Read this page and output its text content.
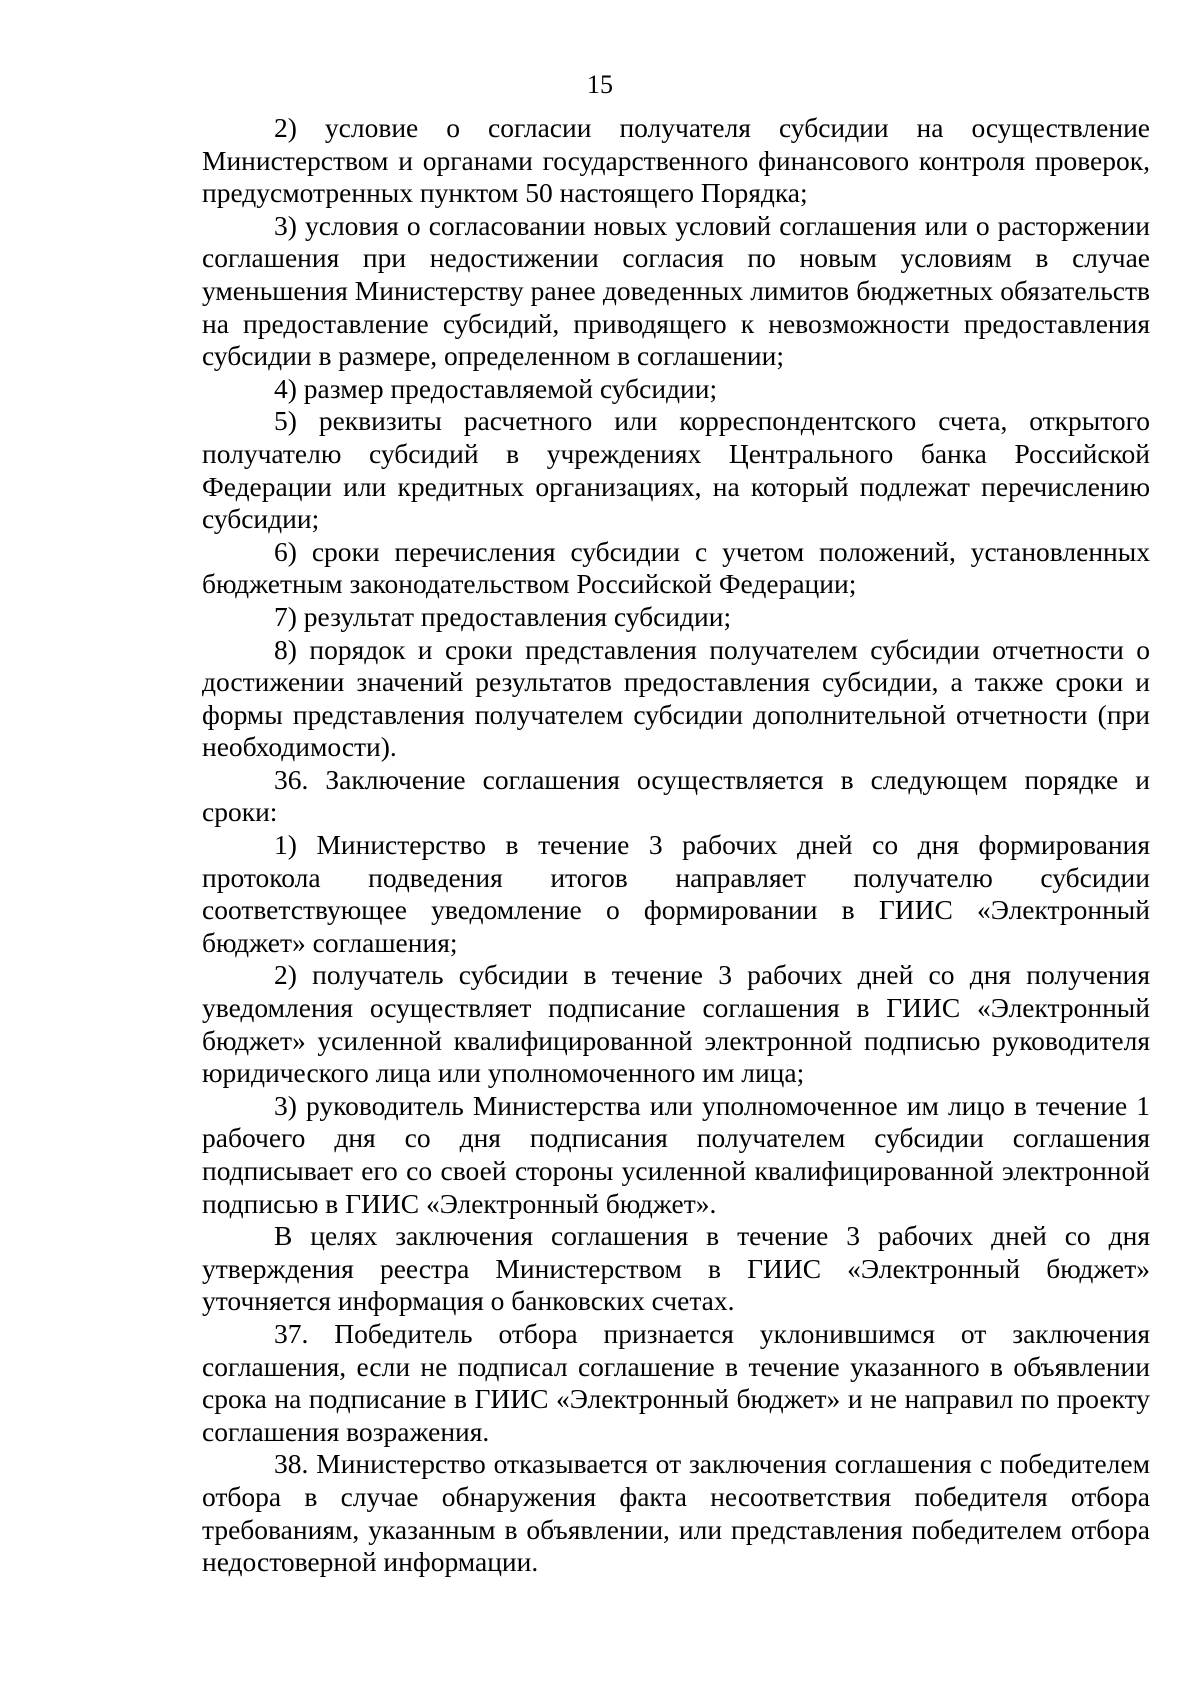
15

2) условие о согласии получателя субсидии на осуществление Министерством и органами государственного финансового контроля проверок, предусмотренных пунктом 50 настоящего Порядка;

3) условия о согласовании новых условий соглашения или о расторжении соглашения при недостижении согласия по новым условиям в случае уменьшения Министерству ранее доведенных лимитов бюджетных обязательств на предоставление субсидий, приводящего к невозможности предоставления субсидии в размере, определенном в соглашении;

4) размер предоставляемой субсидии;

5) реквизиты расчетного или корреспондентского счета, открытого получателю субсидий в учреждениях Центрального банка Российской Федерации или кредитных организациях, на который подлежат перечислению субсидии;

6) сроки перечисления субсидии с учетом положений, установленных бюджетным законодательством Российской Федерации;

7) результат предоставления субсидии;

8) порядок и сроки представления получателем субсидии отчетности о достижении значений результатов предоставления субсидии, а также сроки и формы представления получателем субсидии дополнительной отчетности (при необходимости).

36. Заключение соглашения осуществляется в следующем порядке и сроки:

1) Министерство в течение 3 рабочих дней со дня формирования протокола подведения итогов направляет получателю субсидии соответствующее уведомление о формировании в ГИИС «Электронный бюджет» соглашения;

2) получатель субсидии в течение 3 рабочих дней со дня получения уведомления осуществляет подписание соглашения в ГИИС «Электронный бюджет» усиленной квалифицированной электронной подписью руководителя юридического лица или уполномоченного им лица;

3) руководитель Министерства или уполномоченное им лицо в течение 1 рабочего дня со дня подписания получателем субсидии соглашения подписывает его со своей стороны усиленной квалифицированной электронной подписью в ГИИС «Электронный бюджет».

В целях заключения соглашения в течение 3 рабочих дней со дня утверждения реестра Министерством в ГИИС «Электронный бюджет» уточняется информация о банковских счетах.

37. Победитель отбора признается уклонившимся от заключения соглашения, если не подписал соглашение в течение указанного в объявлении срока на подписание в ГИИС «Электронный бюджет» и не направил по проекту соглашения возражения.

38. Министерство отказывается от заключения соглашения с победителем отбора в случае обнаружения факта несоответствия победителя отбора требованиям, указанным в объявлении, или представления победителем отбора недостоверной информации.
